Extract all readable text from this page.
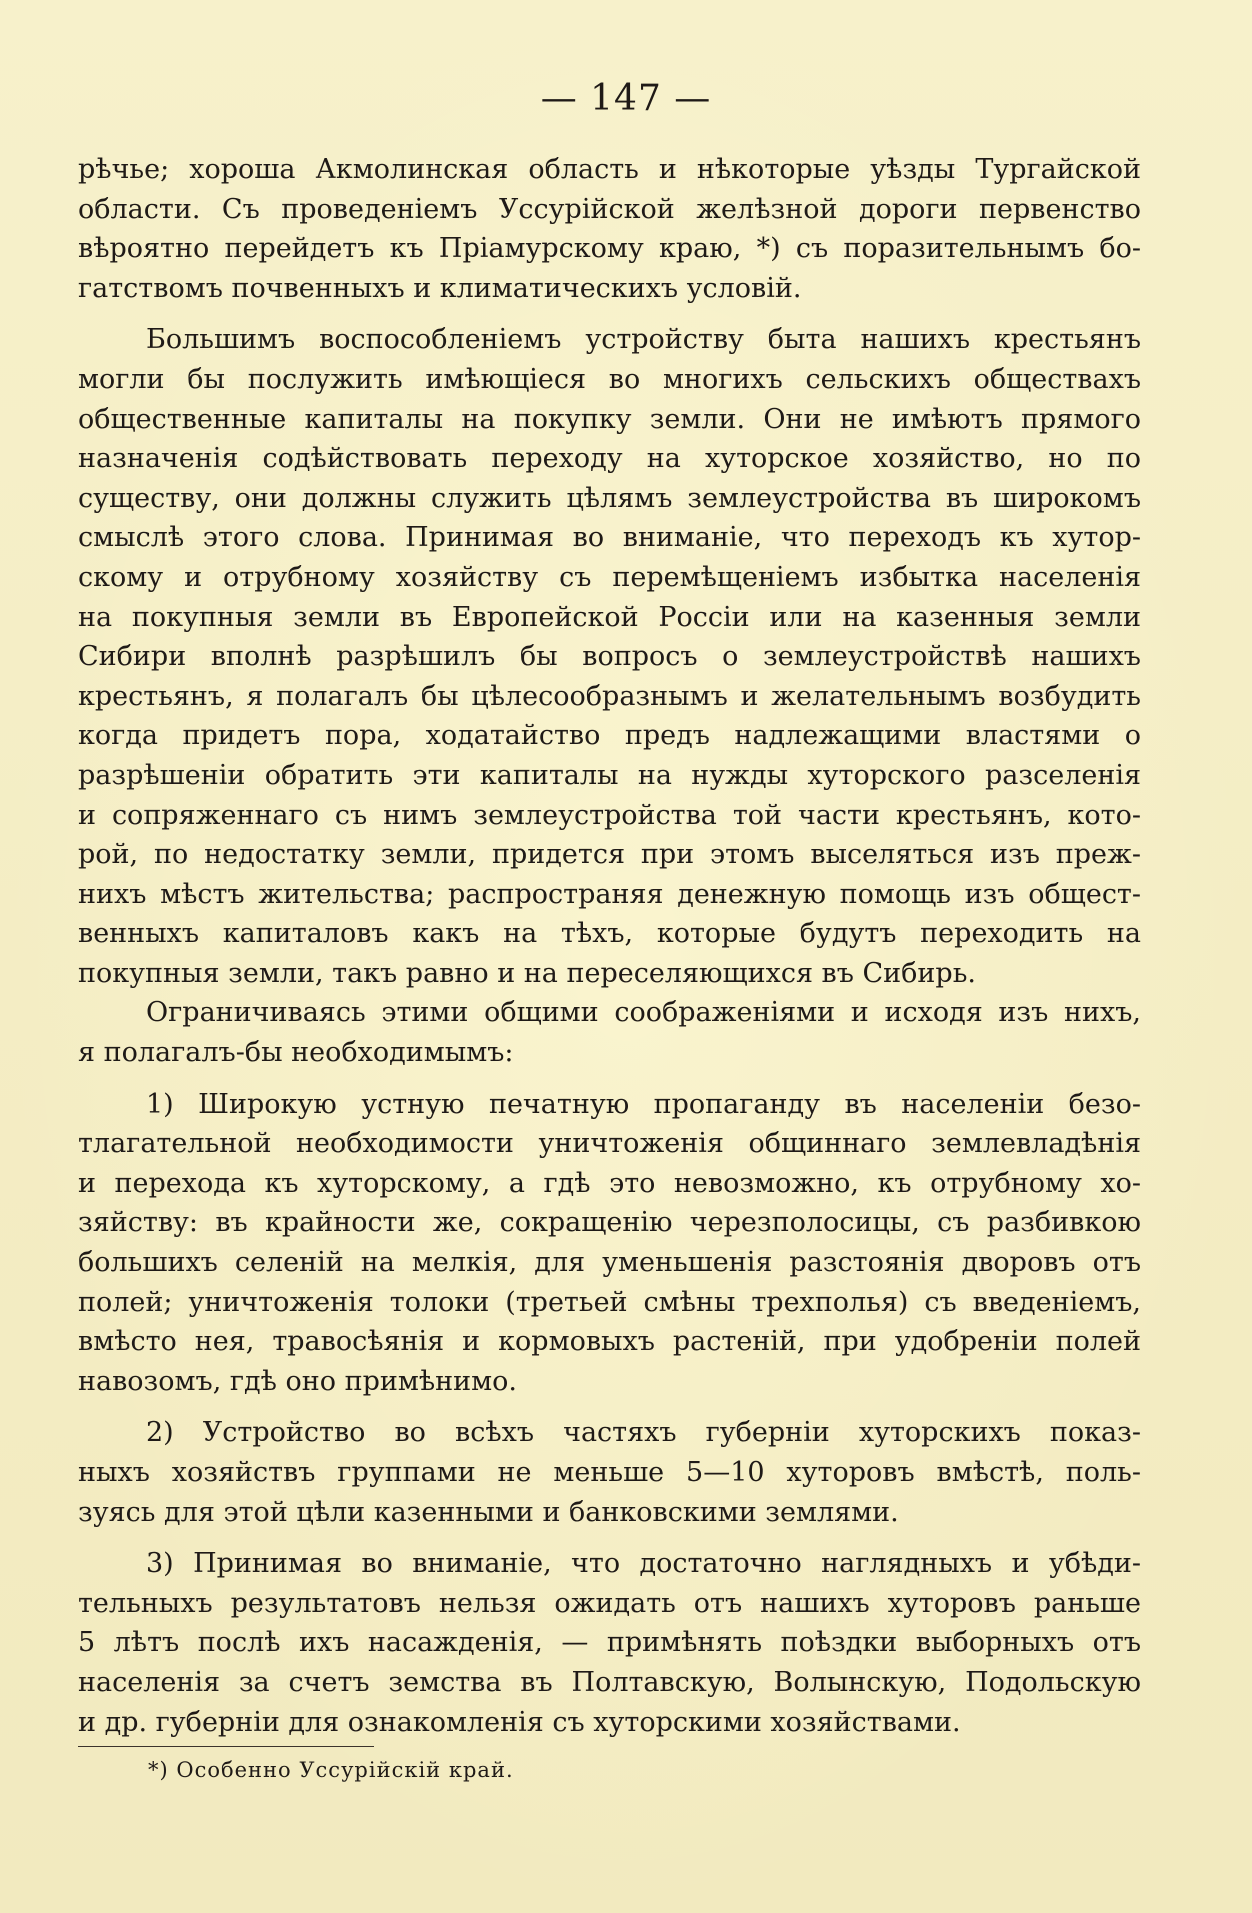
— 147 —
рѣчье; хороша Акмолинская область и нѣкоторые уѣзды Тургайской
области. Съ проведеніемъ Уссурійской желѣзной дороги первенство
вѣроятно перейдетъ къ Пріамурскому краю, *) съ поразительнымъ бо-
гатствомъ почвенныхъ и климатическихъ условій.
Большимъ воспособленіемъ устройству быта нашихъ крестьянъ
могли бы послужить имѣющіеся во многихъ сельскихъ обществахъ
общественные капиталы на покупку земли. Они не имѣютъ прямого
назначенія содѣйствовать переходу на хуторское хозяйство, но по
существу, они должны служить цѣлямъ землеустройства въ широкомъ
смыслѣ этого слова. Принимая во вниманіе, что переходъ къ хутор-
скому и отрубному хозяйству съ перемѣщеніемъ избытка населенія
на покупныя земли въ Европейской Россіи или на казенныя земли
Сибири вполнѣ разрѣшилъ бы вопросъ о землеустройствѣ нашихъ
крестьянъ, я полагалъ бы цѣлесообразнымъ и желательнымъ возбудить
когда придетъ пора, ходатайство предъ надлежащими властями о
разрѣшеніи обратить эти капиталы на нужды хуторского разселенія
и сопряженнаго съ нимъ землеустройства той части крестьянъ, кото-
рой, по недостатку земли, придется при этомъ выселяться изъ преж-
нихъ мѣстъ жительства; распространяя денежную помощь изъ общест-
венныхъ капиталовъ какъ на тѣхъ, которые будутъ переходить на
покупныя земли, такъ равно и на переселяющихся въ Сибирь.
Ограничиваясь этими общими соображеніями и исходя изъ нихъ,
я полагалъ-бы необходимымъ:
1) Широкую устную печатную пропаганду въ населеніи безо-
тлагательной необходимости уничтоженія общиннаго землевладѣнія
и перехода къ хуторскому, а гдѣ это невозможно, къ отрубному хо-
зяйству: въ крайности же, сокращенію черезполосицы, съ разбивкою
большихъ селеній на мелкія, для уменьшенія разстоянія дворовъ отъ
полей; уничтоженія толоки (третьей смѣны трехполья) съ введеніемъ,
вмѣсто нея, травосѣянія и кормовыхъ растеній, при удобреніи полей
навозомъ, гдѣ оно примѣнимо.
2) Устройство во всѣхъ частяхъ губерніи хуторскихъ показ-
ныхъ хозяйствъ группами не меньше 5—10 хуторовъ вмѣстѣ, поль-
зуясь для этой цѣли казенными и банковскими землями.
3) Принимая во вниманіе, что достаточно наглядныхъ и убѣди-
тельныхъ результатовъ нельзя ожидать отъ нашихъ хуторовъ раньше
5 лѣтъ послѣ ихъ насажденія, — примѣнять поѣздки выборныхъ отъ
населенія за счетъ земства въ Полтавскую, Волынскую, Подольскую
и др. губерніи для ознакомленія съ хуторскими хозяйствами.
*) Особенно Уссурійскій край.
